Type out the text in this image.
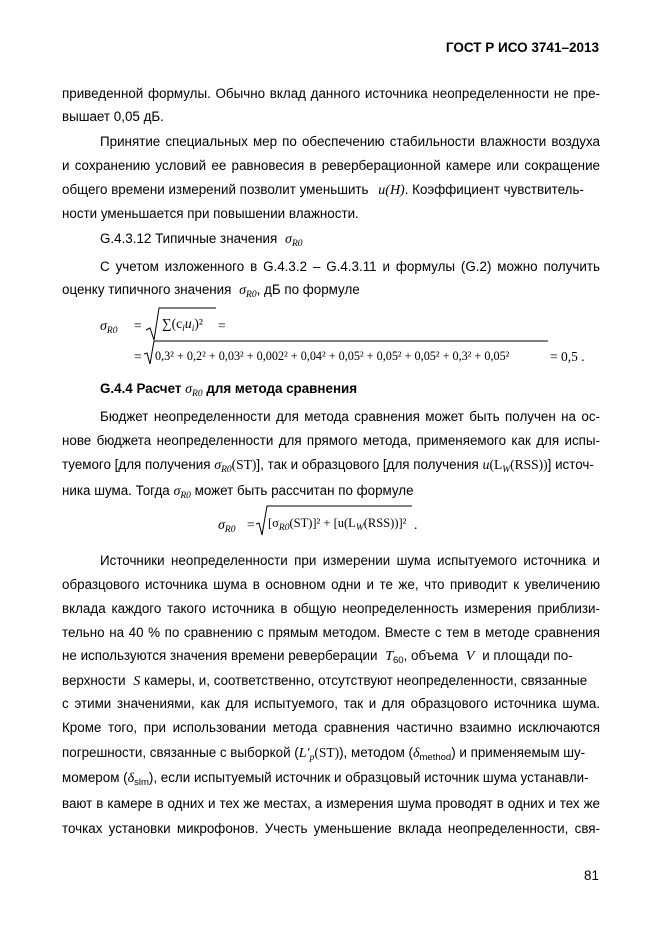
ГОСТ Р ИСО 3741–2013
приведенной формулы. Обычно вклад данного источника неопределенности не пре-
вышает 0,05 дБ.
Принятие специальных мер по обеспечению стабильности влажности воздуха
и сохранению условий ее равновесия в реверберационной камере или сокращение
общего времени измерений позволит уменьшить u(H). Коэффициент чувствитель-
ности уменьшается при повышении влажности.
G.4.3.12 Типичные значения $\sigma_{R0}$
С учетом изложенного в G.4.3.2 – G.4.3.11 и формулы (G.2) можно получить
оценку типичного значения $\sigma_{R0}$, дБ по формуле
$\sigma_{R0} = \sum(c_iu_i)^2$ =
= 0,3² + 0,2² + 0,03² + 0,002² + 0,04² + 0,05² + 0,05² + 0,05² + 0,3² + 0,05²	= 0,5 .
G.4.4 Расчет $\sigma_{R0}$ для метода сравнения
Бюджет неопределенности для метода сравнения может быть получен на ос-
нове бюджета неопределенности для прямого метода, применяемого как для испы-
туемого [для получения $\sigma_{R0}(ST)$], так и образцового [для получения $u(L_W(RSS))$] источ-
ника шума. Тогда $\sigma_{R0}$ может быть рассчитан по формуле
$\sigma_{R0} = [\sigma_{R0}(ST)]^2 + [u(L_W(RSS))]^2$ .
Источники неопределенности при измерении шума испытуемого источника и
образцового источника шума в основном одни и те же, что приводит к увеличению
вклада каждого такого источника в общую неопределенность измерения приблизи-
тельно на 40 % по сравнению с прямым методом. Вместе с тем в методе сравнения
не используются значения времени реверберации $T_{60}$, объема V и площади по-
верхности S камеры, и, соответственно, отсутствуют неопределенности, связанные
с этими значениями, как для испытуемого, так и для образцового источника шума.
Кроме того, при использовании метода сравнения частично взаимно исключаются
погрешности, связанные с выборкой $(L'_p(ST))$, методом $(\delta_{method})$ и применяемым шу-
момером $(\delta_{slm})$, если испытуемый источник и образцовый источник шума устанавли-
вают в камере в одних и тех же местах, а измерения шума проводят в одних и тех же
точках установки микрофонов. Учесть уменьшение вклада неопределенности, свя-
81
